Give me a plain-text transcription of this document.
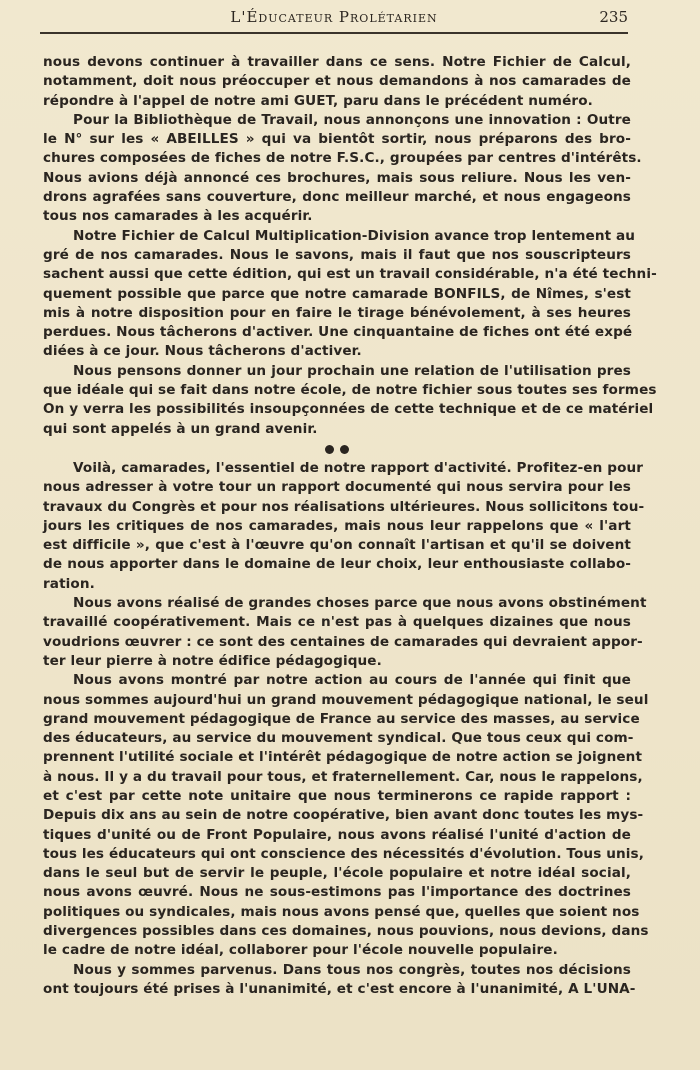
L'Éducateur Prolétarien	235
nous devons continuer à travailler dans ce sens. Notre Fichier de Calcul,
notamment, doit nous préoccuper et nous demandons à nos camarades de
répondre à l'appel de notre ami GUET, paru dans le précédent numéro.
Pour la Bibliothèque de Travail, nous annonçons une innovation : Outre
le N° sur les « ABEILLES » qui va bientôt sortir, nous préparons des bro-
chures composées de fiches de notre F.S.C., groupées par centres d'intérêts.
Nous avions déjà annoncé ces brochures, mais sous reliure. Nous les ven-
drons agrafées sans couverture, donc meilleur marché, et nous engageons
tous nos camarades à les acquérir.
Notre Fichier de Calcul Multiplication-Division avance trop lentement au
gré de nos camarades. Nous le savons, mais il faut que nos souscripteurs
sachent aussi que cette édition, qui est un travail considérable, n'a été techni-
quement possible que parce que notre camarade BONFILS, de Nîmes, s'est
mis à notre disposition pour en faire le tirage bénévolement, à ses heures
perdues. Nous tâcherons d'activer. Une cinquantaine de fiches ont été expé
diées à ce jour. Nous tâcherons d'activer.
Nous pensons donner un jour prochain une relation de l'utilisation pres
que idéale qui se fait dans notre école, de notre fichier sous toutes ses formes
On y verra les possibilités insoupçonnées de cette technique et de ce matériel
qui sont appelés à un grand avenir.
Voilà, camarades, l'essentiel de notre rapport d'activité. Profitez-en pour
nous adresser à votre tour un rapport documenté qui nous servira pour les
travaux du Congrès et pour nos réalisations ultérieures. Nous sollicitons tou-
jours les critiques de nos camarades, mais nous leur rappelons que « l'art
est difficile », que c'est à l'œuvre qu'on connaît l'artisan et qu'il se doivent
de nous apporter dans le domaine de leur choix, leur enthousiaste collabo-
ration.
Nous avons réalisé de grandes choses parce que nous avons obstinément
travaillé coopérativement. Mais ce n'est pas à quelques dizaines que nous
voudrions œuvrer : ce sont des centaines de camarades qui devraient appor-
ter leur pierre à notre édifice pédagogique.
Nous avons montré par notre action au cours de l'année qui finit que
nous sommes aujourd'hui un grand mouvement pédagogique national, le seul
grand mouvement pédagogique de France au service des masses, au service
des éducateurs, au service du mouvement syndical. Que tous ceux qui com-
prennent l'utilité sociale et l'intérêt pédagogique de notre action se joignent
à nous. Il y a du travail pour tous, et fraternellement. Car, nous le rappelons,
et c'est par cette note unitaire que nous terminerons ce rapide rapport :
Depuis dix ans au sein de notre coopérative, bien avant donc toutes les mys-
tiques d'unité ou de Front Populaire, nous avons réalisé l'unité d'action de
tous les éducateurs qui ont conscience des nécessités d'évolution. Tous unis,
dans le seul but de servir le peuple, l'école populaire et notre idéal social,
nous avons œuvré. Nous ne sous-estimons pas l'importance des doctrines
politiques ou syndicales, mais nous avons pensé que, quelles que soient nos
divergences possibles dans ces domaines, nous pouvions, nous devions, dans
le cadre de notre idéal, collaborer pour l'école nouvelle populaire.
Nous y sommes parvenus. Dans tous nos congrès, toutes nos décisions
ont toujours été prises à l'unanimité, et c'est encore à l'unanimité, A L'UNA-
